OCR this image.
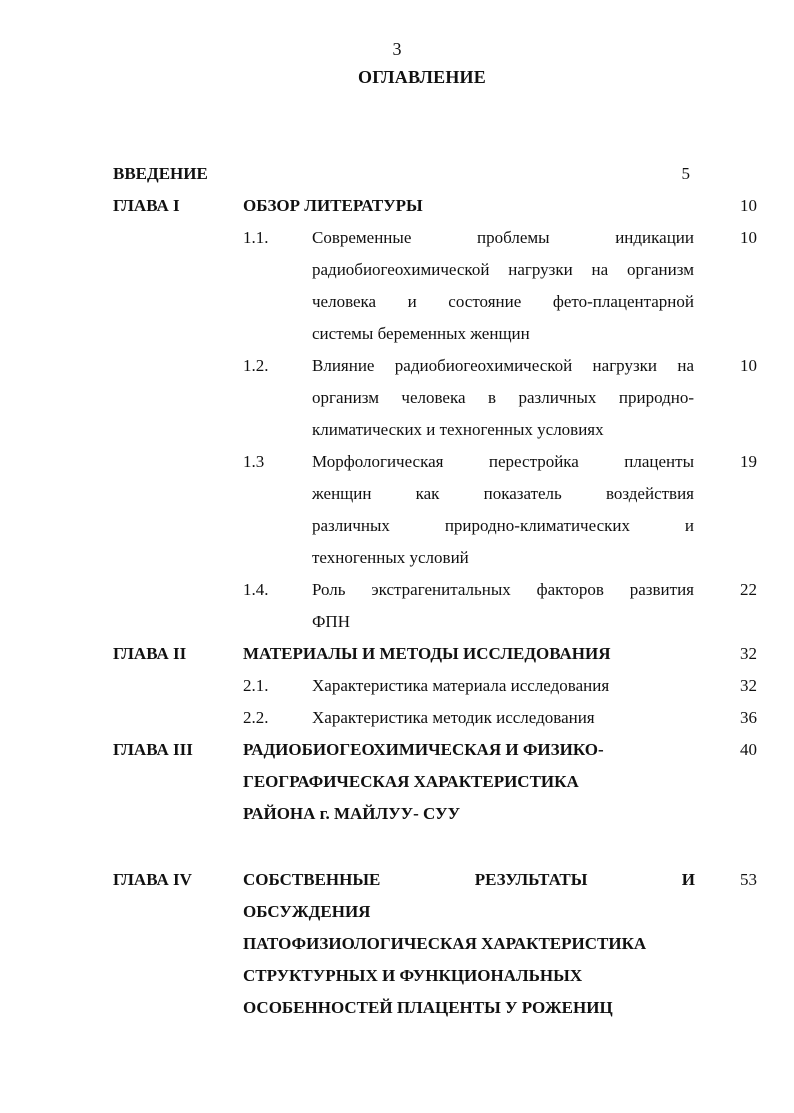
3
ОГЛАВЛЕНИЕ
ВВЕДЕНИЕ	5
ГЛАВА I	ОБЗОР ЛИТЕРАТУРЫ	10
1.1.	Современные проблемы индикации
радиобиогеохимической нагрузки на организм
человека и состояние фето-плацентарной
системы беременных женщин
10
1.2.	Влияние радиобиогеохимической нагрузки на
организм человека в различных природно-
климатических и техногенных условиях
10
1.3	Морфологическая перестройка плаценты
женщин как показатель воздействия
различных природно-климатических и
техногенных условий
19
1.4.	Роль экстрагенитальных факторов развития
ФПН
22
ГЛАВА II	МАТЕРИАЛЫ И МЕТОДЫ ИССЛЕДОВАНИЯ	32
2.1.	Характеристика материала исследования	32
2.2.	Характеристика методик исследования	36
ГЛАВА III	РАДИОБИОГЕОХИМИЧЕСКАЯ И ФИЗИКО-
ГЕОГРАФИЧЕСКАЯ ХАРАКТЕРИСТИКА
РАЙОНА г. МАЙЛУУ- СУУ
40
ГЛАВА IV	СОБСТВЕННЫЕ РЕЗУЛЬТАТЫ И
ОБСУЖДЕНИЯ
ПАТОФИЗИОЛОГИЧЕСКАЯ ХАРАКТЕРИСТИКА
СТРУКТУРНЫХ И ФУНКЦИОНАЛЬНЫХ
ОСОБЕННОСТЕЙ ПЛАЦЕНТЫ У РОЖЕНИЦ
53
